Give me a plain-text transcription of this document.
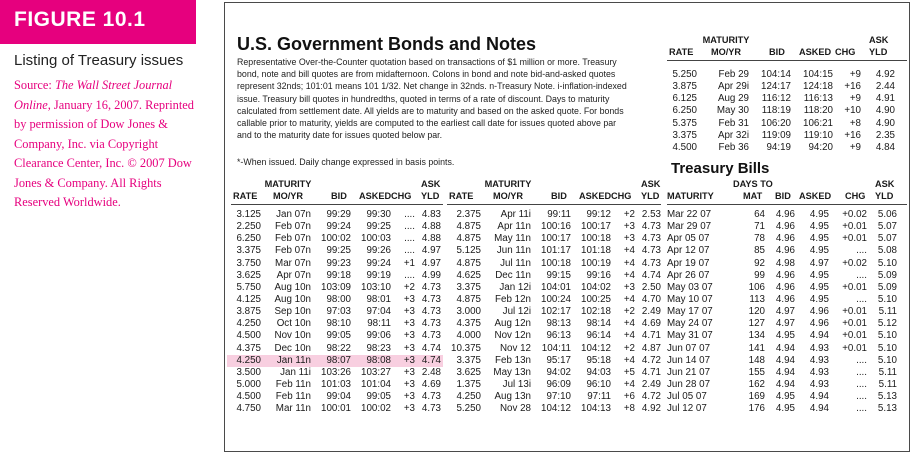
FIGURE 10.1
Listing of Treasury issues
Source: The Wall Street Journal Online, January 16, 2007. Reprinted by permission of Dow Jones & Company, Inc. via Copyright Clearance Center, Inc. © 2007 Dow Jones & Company. All Rights Reserved Worldwide.
U.S. Government Bonds and Notes
Representative Over-the-Counter quotation based on transactions of $1 million or more. Treasury bond, note and bill quotes are from midafternoon. Colons in bond and note bid-and-asked quotes represent 32nds; 101:01 means 101 1/32. Net change in 32nds. n-Treasury Note. i-inflation-indexed issue. Treasury bill quotes in hundredths, quoted in terms of a rate of discount. Days to maturity calculated from settlement date. All yields are to maturity and based on the asked quote. For bonds callable prior to maturity, yields are computed to the earliest call date for issues quoted above par and to the maturity date for issues quoted below par.
*-When issued. Daily change expressed in basis points.
RATE
MATURITY
MO/YR	BID ASKED CHG
ASK
YLD
3.125	Jan 07n	99:29	99:30	.... 4.83
2.250	Feb 07n	99:24	99:25	.... 4.88
6.250	Feb 07n	100:02	100:03	.... 4.88
3.375	Feb 07n	99:25	99:26	.... 4.97
3.750	Mar 07n	99:23	99:24	+1 4.97
3.625	Apr 07n	99:18	99:19	.... 4.99
5.750	Aug 10n	103:09	103:10	+2 4.73
4.125	Aug 10n	98:00	98:01	+3 4.73
3.875	Sep 10n	97:03	97:04	+3 4.73
4.250	Oct 10n	98:10	98:11	+3 4.73
4.500	Nov 10n	99:05	99:06	+3 4.73
4.375	Dec 10n	98:22	98:23	+3 4.74
4.250	Jan 11n	98:07	98:08	+3 4.74
3.500	Jan 11i	103:26	103:27	+3 2.48
5.000	Feb 11n	101:03	101:04	+3 4.69
4.500	Feb 11n	99:04	99:05	+3 4.73
4.750	Mar 11n	100:01	100:02	+3 4.73
RATE
MATURITY
MO/YR	BID ASKED CHG
ASK
YLD
2.375	Apr 11i	99:11	99:12	+2 2.53
4.875	Apr 11n	100:16	100:17	+3 4.73
4.875	May 11n	100:17	100:18	+3 4.73
5.125	Jun 11n	101:17	101:18	+4 4.73
4.875	Jul 11n	100:18	100:19	+4 4.73
4.625	Dec 11n	99:15	99:16	+4 4.74
3.375	Jan 12i	104:01	104:02	+3 2.50
4.875	Feb 12n	100:24	100:25	+4 4.70
3.000	Jul 12i	102:17	102:18	+2 2.49
4.375	Aug 12n	98:13	98:14	+4 4.69
4.000	Nov 12n	96:13	96:14	+4 4.71
10.375	Nov 12	104:11	104:12	+2 4.87
3.375	Feb 13n	95:17	95:18	+4 4.72
3.625	May 13n	94:02	94:03	+5 4.71
1.375	Jul 13i	96:09	96:10	+4 2.49
4.250	Aug 13n	97:10	97:11	+6 4.72
5.250	Nov 28	104:12	104:13	+8 4.92
RATE
MATURITY
MO/YR	BID ASKED CHG
ASK
YLD
5.250	Feb 29	104:14	104:15	+9	4.92
3.875	Apr 29i	124:17	124:18	+16	2.44
6.125	Aug 29	116:12	116:13	+9	4.91
6.250	May 30	118:19	118:20	+10	4.90
5.375	Feb 31	106:20	106:21	+8	4.90
3.375	Apr 32i	119:09	119:10	+16	2.35
4.500	Feb 36	94:19	94:20	+9	4.84
Treasury Bills
MATURITY
DAYS TO
MAT BID ASKED CHG
ASK
YLD
Mar 22 07	64	4.96	4.95	+0.02	5.06
Mar 29 07	71	4.96	4.95	+0.01	5.07
Apr 05 07	78	4.96	4.95	+0.01	5.07
Apr 12 07	85	4.96	4.95	....	5.08
Apr 19 07	92	4.98	4.97	+0.02	5.10
Apr 26 07	99	4.96	4.95	....	5.09
May 03 07	106	4.96	4.95	+0.01	5.09
May 10 07	113	4.96	4.95	....	5.10
May 17 07	120	4.97	4.96	+0.01	5.11
May 24 07	127	4.97	4.96	+0.01	5.12
May 31 07	134	4.95	4.94	+0.01	5.10
Jun 07 07	141	4.94	4.93	+0.01	5.10
Jun 14 07	148	4.94	4.93	....	5.10
Jun 21 07	155	4.94	4.93	....	5.11
Jun 28 07	162	4.94	4.93	....	5.11
Jul 05 07	169	4.95	4.94	....	5.13
Jul 12 07	176	4.95	4.94	....	5.13
